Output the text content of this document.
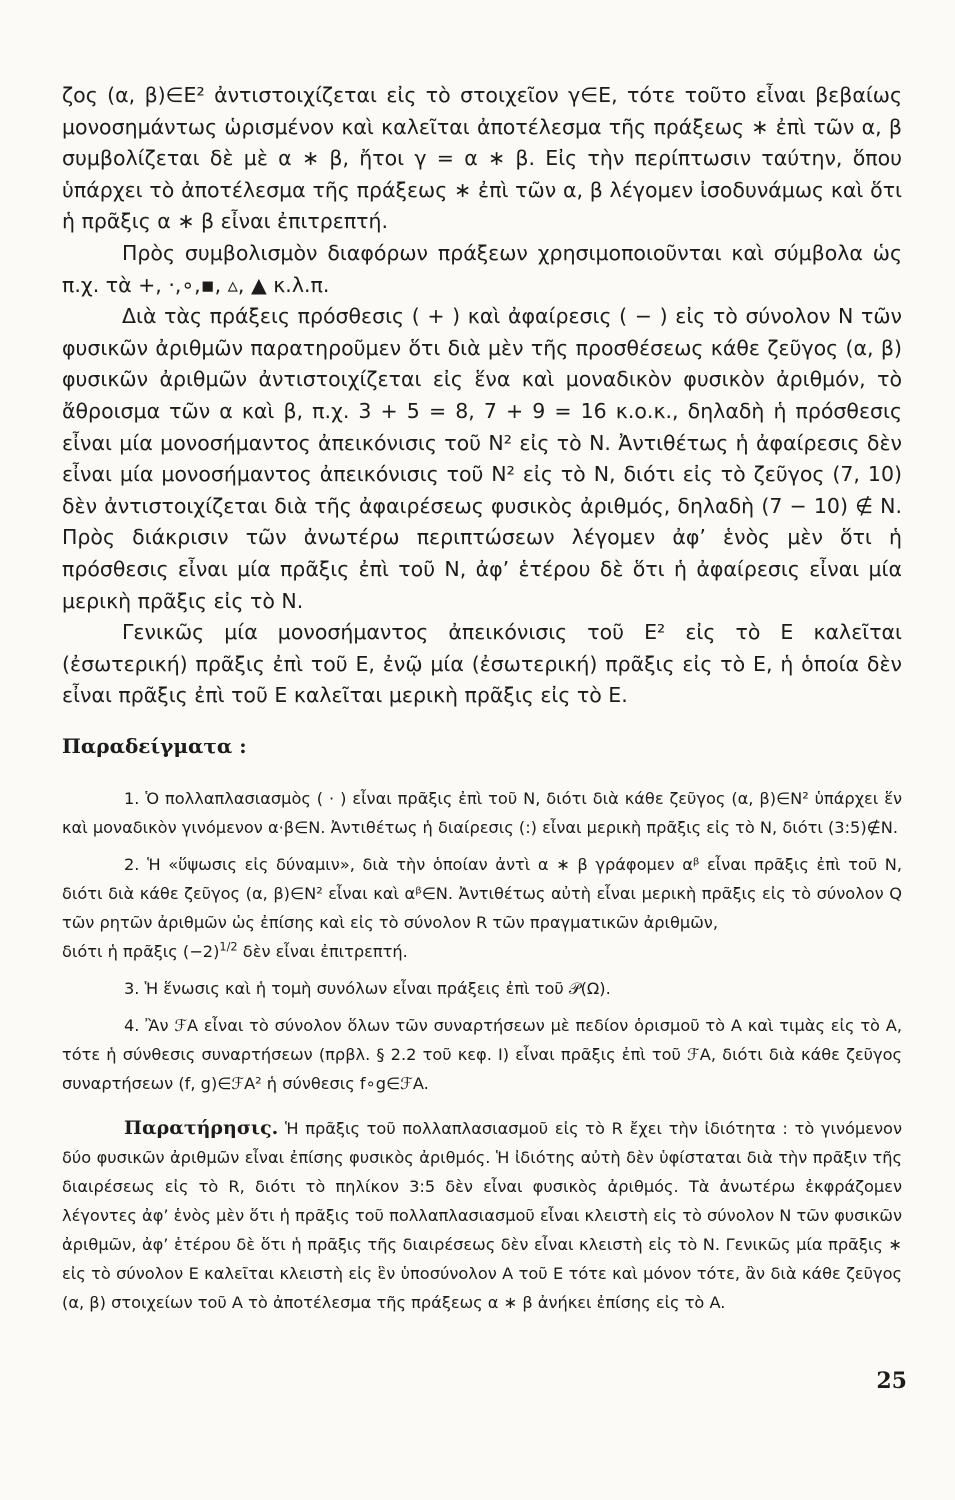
ζος (α, β)∈E² ἀντιστοιχίζεται εἰς τὸ στοιχεῖον γ∈E, τότε τοῦτο εἶναι βεβαίως μονοσημάντως ὡρισμένον καὶ καλεῖται ἀποτέλεσμα τῆς πράξεως ∗ ἐπὶ τῶν α, β συμβολίζεται δὲ μὲ α ∗ β, ἤτοι γ = α ∗ β. Εἰς τὴν περίπτωσιν ταύτην, ὅπου ὑπάρχει τὸ ἀποτέλεσμα τῆς πράξεως ∗ ἐπὶ τῶν α, β λέγομεν ἰσοδυνάμως καὶ ὅτι ἡ πρᾶξις α ∗ β εἶναι ἐπιτρεπτή.

Πρὸς συμβολισμὸν διαφόρων πράξεων χρησιμοποιοῦνται καὶ σύμβολα ὡς π.χ. τὰ +, ·,∘,▪, ▵, ▲ κ.λ.π.

Διὰ τὰς πράξεις πρόσθεσις ( + ) καὶ ἀφαίρεσις ( − ) εἰς τὸ σύνολον N τῶν φυσικῶν ἀριθμῶν παρατηροῦμεν ὅτι διὰ μὲν τῆς προσθέσεως κάθε ζεῦγος (α, β) φυσικῶν ἀριθμῶν ἀντιστοιχίζεται εἰς ἕνα καὶ μοναδικὸν φυσικὸν ἀριθμόν, τὸ ἄθροισμα τῶν α καὶ β, π.χ. 3 + 5 = 8, 7 + 9 = 16 κ.ο.κ., δηλαδὴ ἡ πρόσθεσις εἶναι μία μονοσήμαντος ἀπεικόνισις τοῦ N² εἰς τὸ N. Ἀντιθέτως ἡ ἀφαίρεσις δὲν εἶναι μία μονοσήμαντος ἀπεικόνισις τοῦ N² εἰς τὸ N, διότι εἰς τὸ ζεῦγος (7, 10) δὲν ἀντιστοιχίζεται διὰ τῆς ἀφαιρέσεως φυσικὸς ἀριθμός, δηλαδὴ (7 − 10) ∉ N. Πρὸς διάκρισιν τῶν ἀνωτέρω περιπτώσεων λέγομεν ἀφ’ ἑνὸς μὲν ὅτι ἡ πρόσθεσις εἶναι μία πρᾶξις ἐπὶ τοῦ N, ἀφ’ ἑτέρου δὲ ὅτι ἡ ἀφαίρεσις εἶναι μία μερικὴ πρᾶξις εἰς τὸ N.

Γενικῶς μία μονοσήμαντος ἀπεικόνισις τοῦ E² εἰς τὸ E καλεῖται (ἐσωτερική) πρᾶξις ἐπὶ τοῦ E, ἐνῷ μία (ἐσωτερική) πρᾶξις εἰς τὸ E, ἡ ὁποία δὲν εἶναι πρᾶξις ἐπὶ τοῦ E καλεῖται μερικὴ πρᾶξις εἰς τὸ E.

Παραδείγματα :

1. Ὁ πολλαπλασιασμὸς ( · ) εἶναι πρᾶξις ἐπὶ τοῦ N, διότι διὰ κάθε ζεῦγος (α, β)∈N² ὑπάρχει ἕν καὶ μοναδικὸν γινόμενον α·β∈N. Ἀντιθέτως ἡ διαίρεσις (:) εἶναι μερικὴ πρᾶξις εἰς τὸ N, διότι (3:5)∉N.

2. Ἡ «ὕψωσις εἰς δύναμιν», διὰ τὴν ὁποίαν ἀντὶ α ∗ β γράφομεν αᵝ εἶναι πρᾶξις ἐπὶ τοῦ N, διότι διὰ κάθε ζεῦγος (α, β)∈N² εἶναι καὶ αᵝ∈N. Ἀντιθέτως αὐτὴ εἶναι μερικὴ πρᾶξις εἰς τὸ σύνολον Q τῶν ρητῶν ἀριθμῶν ὡς ἐπίσης καὶ εἰς τὸ σύνολον R τῶν πραγματικῶν ἀριθμῶν,

διότι ἡ πρᾶξις $(-2)^{1/2}$ δὲν εἶναι ἐπιτρεπτή.

3. Ἡ ἕνωσις καὶ ἡ τομὴ συνόλων εἶναι πράξεις ἐπὶ τοῦ 𝒫(Ω).

4. Ἂν ℱA εἶναι τὸ σύνολον ὅλων τῶν συναρτήσεων μὲ πεδίον ὁρισμοῦ τὸ A καὶ τιμὰς εἰς τὸ A, τότε ἡ σύνθεσις συναρτήσεων (πρβλ. § 2.2 τοῦ κεφ. I) εἶναι πρᾶξις ἐπὶ τοῦ ℱA, διότι διὰ κάθε ζεῦγος συναρτήσεων (f, g)∈ℱA² ἡ σύνθεσις f∘g∈ℱA.

Παρατήρησις. Ἡ πρᾶξις τοῦ πολλαπλασιασμοῦ εἰς τὸ R ἔχει τὴν ἰδιότητα : τὸ γινόμενον δύο φυσικῶν ἀριθμῶν εἶναι ἐπίσης φυσικὸς ἀριθμός. Ἡ ἰδιότης αὐτὴ δὲν ὑφίσταται διὰ τὴν πρᾶξιν τῆς διαιρέσεως εἰς τὸ R, διότι τὸ πηλίκον 3:5 δὲν εἶναι φυσικὸς ἀριθμός. Τὰ ἀνωτέρω ἐκφράζομεν λέγοντες ἀφ’ ἑνὸς μὲν ὅτι ἡ πρᾶξις τοῦ πολλαπλασιασμοῦ εἶναι κλειστὴ εἰς τὸ σύνολον N τῶν φυσικῶν ἀριθμῶν, ἀφ’ ἑτέρου δὲ ὅτι ἡ πρᾶξις τῆς διαιρέσεως δὲν εἶναι κλειστὴ εἰς τὸ N. Γενικῶς μία πρᾶξις ∗ εἰς τὸ σύνολον E καλεῖται κλειστὴ εἰς ἓν ὑποσύνολον A τοῦ E τότε καὶ μόνον τότε, ἂν διὰ κάθε ζεῦγος (α, β) στοιχείων τοῦ A τὸ ἀποτέλεσμα τῆς πράξεως α ∗ β ἀνήκει ἐπίσης εἰς τὸ A.

25
